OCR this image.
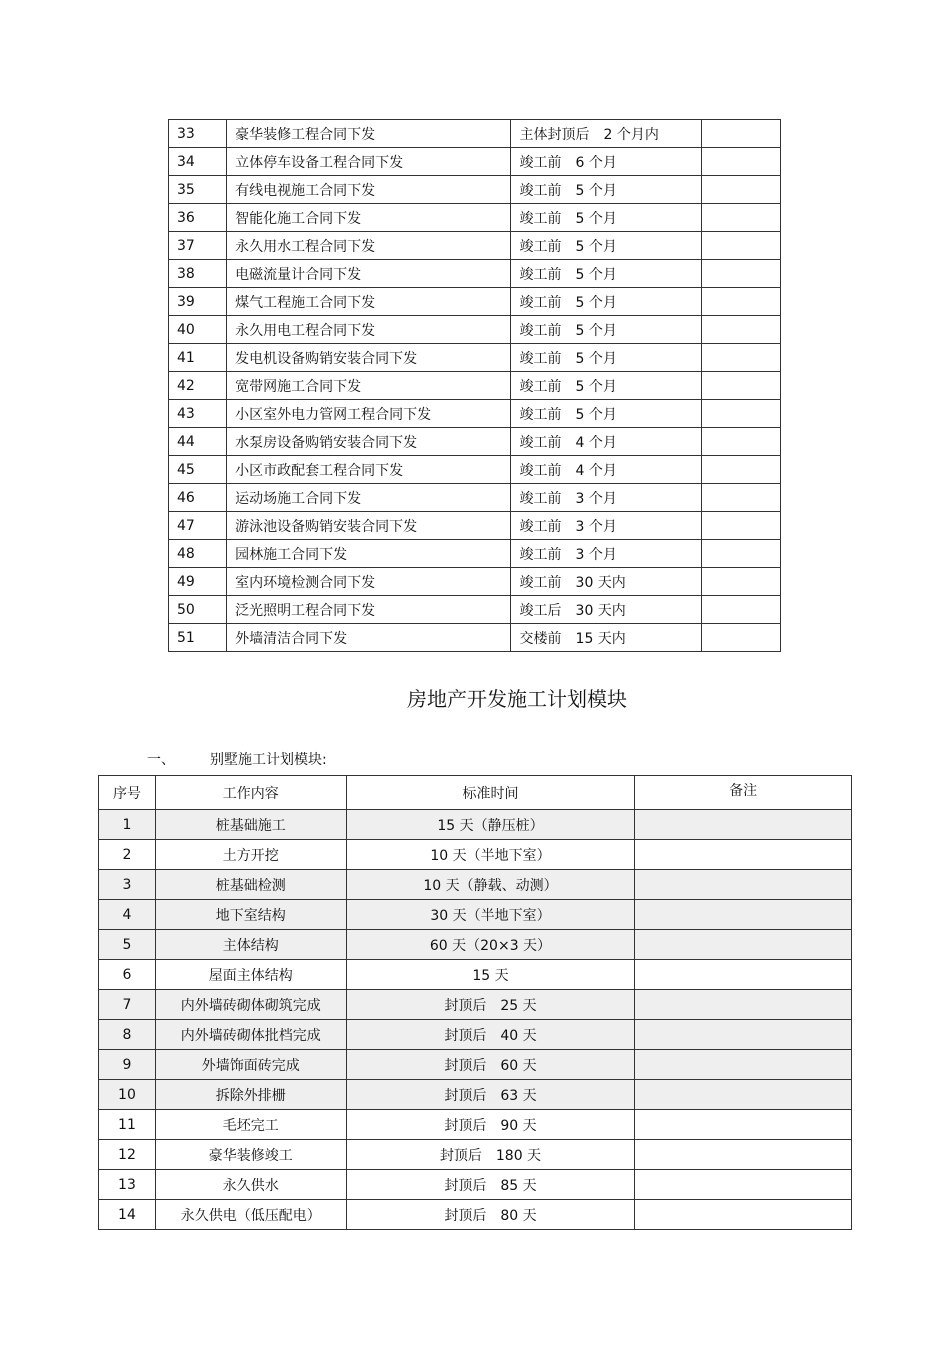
33	豪华装修工程合同下发	主体封顶后　2 个月内	
34	立体停车设备工程合同下发	竣工前　6 个月	
35	有线电视施工合同下发	竣工前　5 个月	
36	智能化施工合同下发	竣工前　5 个月	
37	永久用水工程合同下发	竣工前　5 个月	
38	电磁流量计合同下发	竣工前　5 个月	
39	煤气工程施工合同下发	竣工前　5 个月	
40	永久用电工程合同下发	竣工前　5 个月	
41	发电机设备购销安装合同下发	竣工前　5 个月	
42	宽带网施工合同下发	竣工前　5 个月	
43	小区室外电力管网工程合同下发	竣工前　5 个月	
44	水泵房设备购销安装合同下发	竣工前　4 个月	
45	小区市政配套工程合同下发	竣工前　4 个月	
46	运动场施工合同下发	竣工前　3 个月	
47	游泳池设备购销安装合同下发	竣工前　3 个月	
48	园林施工合同下发	竣工前　3 个月	
49	室内环境检测合同下发	竣工前　30 天内	
50	泛光照明工程合同下发	竣工后　30 天内	
51	外墙清洁合同下发	交楼前　15 天内	
房地产开发施工计划模块
一、	别墅施工计划模块:
序号	工作内容	标准时间	备注
1	桩基础施工	15 天（静压桩）	
2	土方开挖	10 天（半地下室）	
3	桩基础检测	10 天（静载、动测）	
4	地下室结构	30 天（半地下室）	
5	主体结构	60 天（20×3 天）	
6	屋面主体结构	15 天	
7	内外墙砖砌体砌筑完成	封顶后　25 天	
8	内外墙砖砌体批档完成	封顶后　40 天	
9	外墙饰面砖完成	封顶后　60 天	
10	拆除外排栅	封顶后　63 天	
11	毛坯完工	封顶后　90 天	
12	豪华装修竣工	封顶后　180 天	
13	永久供水	封顶后　85 天	
14	永久供电（低压配电）	封顶后　80 天	
